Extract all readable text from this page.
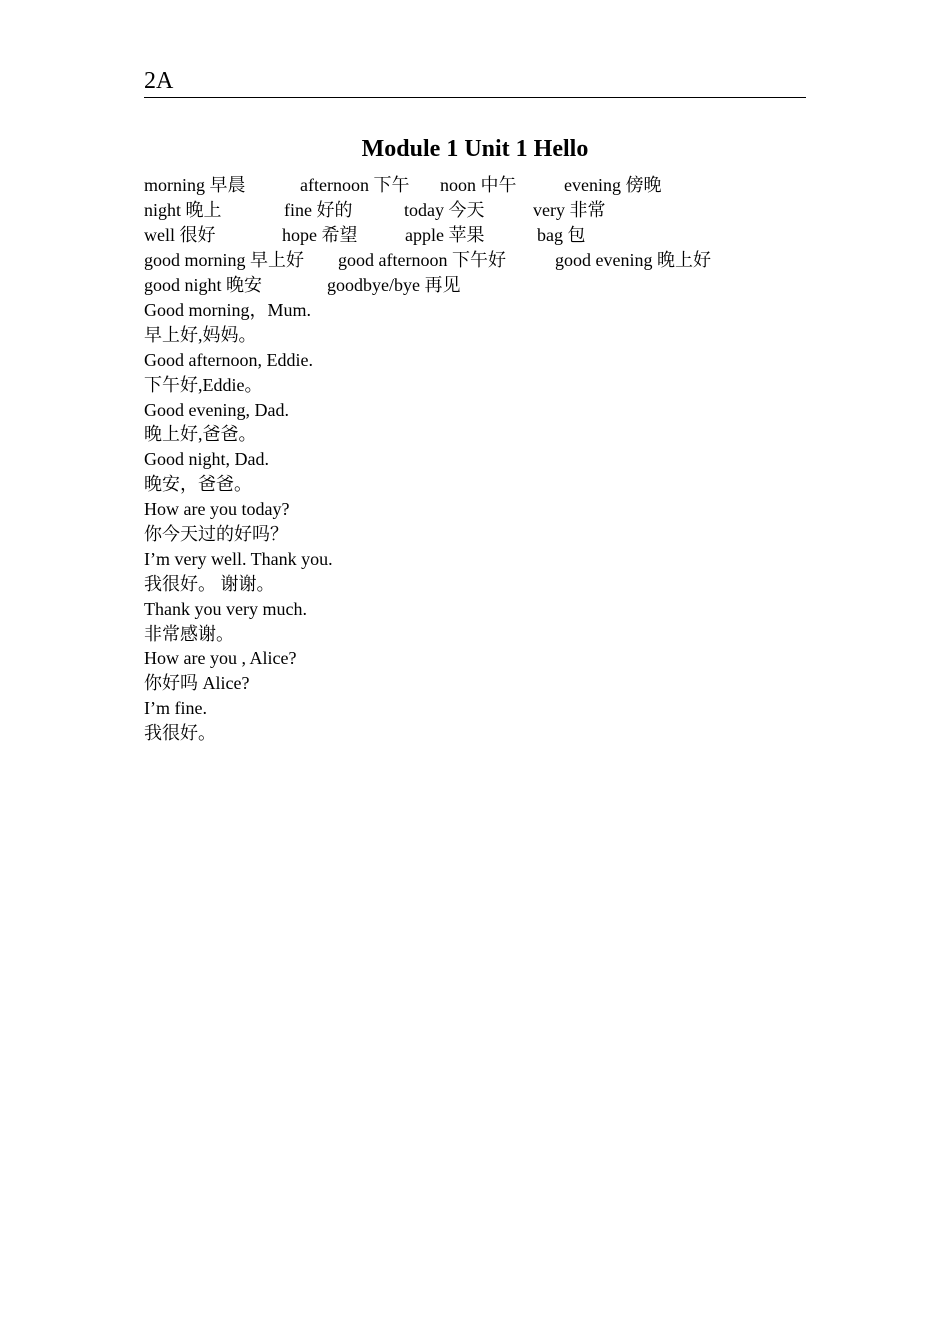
2A
Module 1 Unit 1 Hello
morning 早晨	afternoon 下午 noon 中午	evening 傍晚
night 晚上	fine 好的	today 今天	very 非常
well 很好	hope 希望	apple 苹果	bag 包
good morning 早上好 good afternoon 下午好	good evening 晚上好
good night 晚安	goodbye/bye 再见
Good morning，Mum.
早上好,妈妈。
Good afternoon, Eddie.
下午好,Eddie。
Good evening, Dad.
晚上好,爸爸。
Good night, Dad.
晚安，爸爸。
How are you today?
你今天过的好吗？
I’m very well. Thank you.
我很好。 谢谢。
Thank you very much.
非常感谢。
How are you , Alice?
你好吗 Alice?
I’m fine.
我很好。
